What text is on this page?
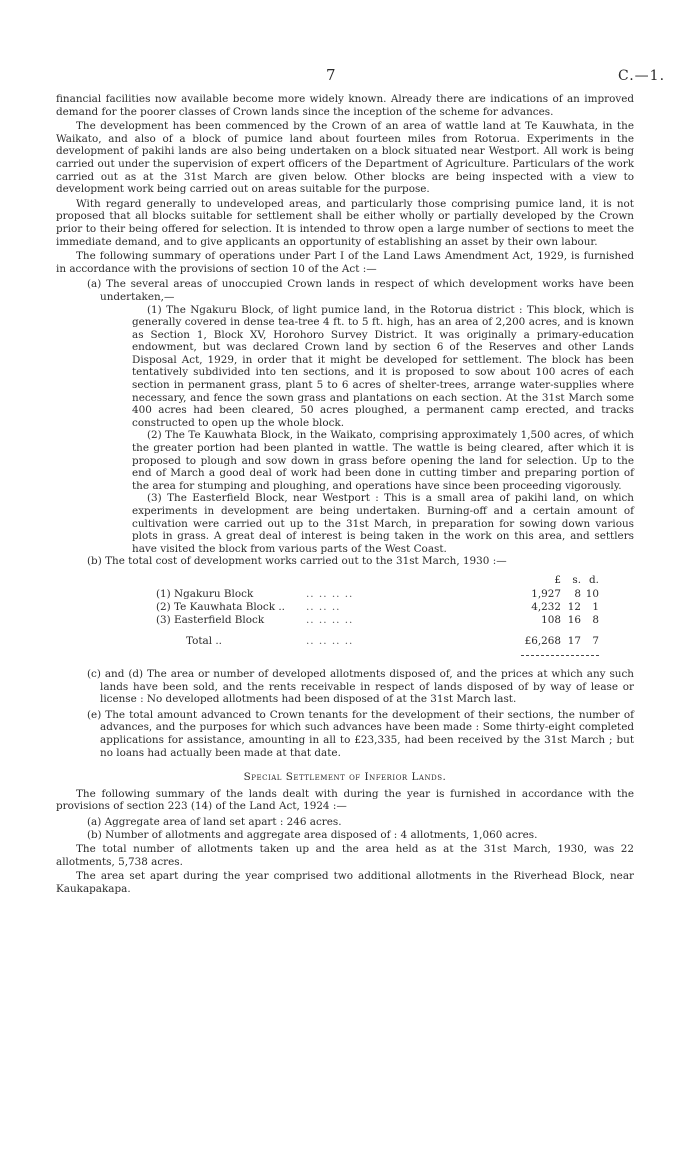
7	C.—1.

financial facilities now available become more widely known. Already there are indications of an improved demand for the poorer classes of Crown lands since the inception of the scheme for advances.

The development has been commenced by the Crown of an area of wattle land at Te Kauwhata, in the Waikato, and also of a block of pumice land about fourteen miles from Rotorua. Experiments in the development of pakihi lands are also being undertaken on a block situated near Westport. All work is being carried out under the supervision of expert officers of the Department of Agriculture. Particulars of the work carried out as at the 31st March are given below. Other blocks are being inspected with a view to development work being carried out on areas suitable for the purpose.

With regard generally to undeveloped areas, and particularly those comprising pumice land, it is not proposed that all blocks suitable for settlement shall be either wholly or partially developed by the Crown prior to their being offered for selection. It is intended to throw open a large number of sections to meet the immediate demand, and to give applicants an opportunity of establishing an asset by their own labour.

The following summary of operations under Part I of the Land Laws Amendment Act, 1929, is furnished in accordance with the provisions of section 10 of the Act :—

(a) The several areas of unoccupied Crown lands in respect of which development works have been undertaken,—
(1) The Ngakuru Block, of light pumice land, in the Rotorua district : This block, which is generally covered in dense tea-tree 4 ft. to 5 ft. high, has an area of 2,200 acres, and is known as Section 1, Block XV, Horohoro Survey District. It was originally a primary-education endowment, but was declared Crown land by section 6 of the Reserves and other Lands Disposal Act, 1929, in order that it might be developed for settlement. The block has been tentatively subdivided into ten sections, and it is proposed to sow about 100 acres of each section in permanent grass, plant 5 to 6 acres of shelter-trees, arrange water-supplies where necessary, and fence the sown grass and plantations on each section. At the 31st March some 400 acres had been cleared, 50 acres ploughed, a permanent camp erected, and tracks constructed to open up the whole block.
(2) The Te Kauwhata Block, in the Waikato, comprising approximately 1,500 acres, of which the greater portion had been planted in wattle. The wattle is being cleared, after which it is proposed to plough and sow down in grass before opening the land for selection. Up to the end of March a good deal of work had been done in cutting timber and preparing portion of the area for stumping and ploughing, and operations have since been proceeding vigorously.
(3) The Easterfield Block, near Westport : This is a small area of pakihi land, on which experiments in development are being undertaken. Burning-off and a certain amount of cultivation were carried out up to the 31st March, in preparation for sowing down various plots in grass. A great deal of interest is being taken in the work on this area, and settlers have visited the block from various parts of the West Coast.
(b) The total cost of development works carried out to the 31st March, 1930 :—
		£	s.	d.
(1) Ngakuru Block	.. .. .. ..	1,927	8	10
(2) Te Kauwhata Block ..	.. .. ..	4,232	12	1
(3) Easterfield Block	.. .. .. ..	108	16	8
Total ..	.. .. .. ..	£6,268	17	7

(c) and (d) The area or number of developed allotments disposed of, and the prices at which any such lands have been sold, and the rents receivable in respect of lands disposed of by way of lease or license : No developed allotments had been disposed of at the 31st March last.
(e) The total amount advanced to Crown tenants for the development of their sections, the number of advances, and the purposes for which such advances have been made : Some thirty-eight completed applications for assistance, amounting in all to £23,335, had been received by the 31st March ; but no loans had actually been made at that date.
Special Settlement of Inferior Lands.

The following summary of the lands dealt with during the year is furnished in accordance with the provisions of section 223 (14) of the Land Act, 1924 :—

(a) Aggregate area of land set apart : 246 acres.
(b) Number of allotments and aggregate area disposed of : 4 allotments, 1,060 acres.

The total number of allotments taken up and the area held as at the 31st March, 1930, was 22 allotments, 5,738 acres.

The area set apart during the year comprised two additional allotments in the Riverhead Block, near Kaukapakapa.
